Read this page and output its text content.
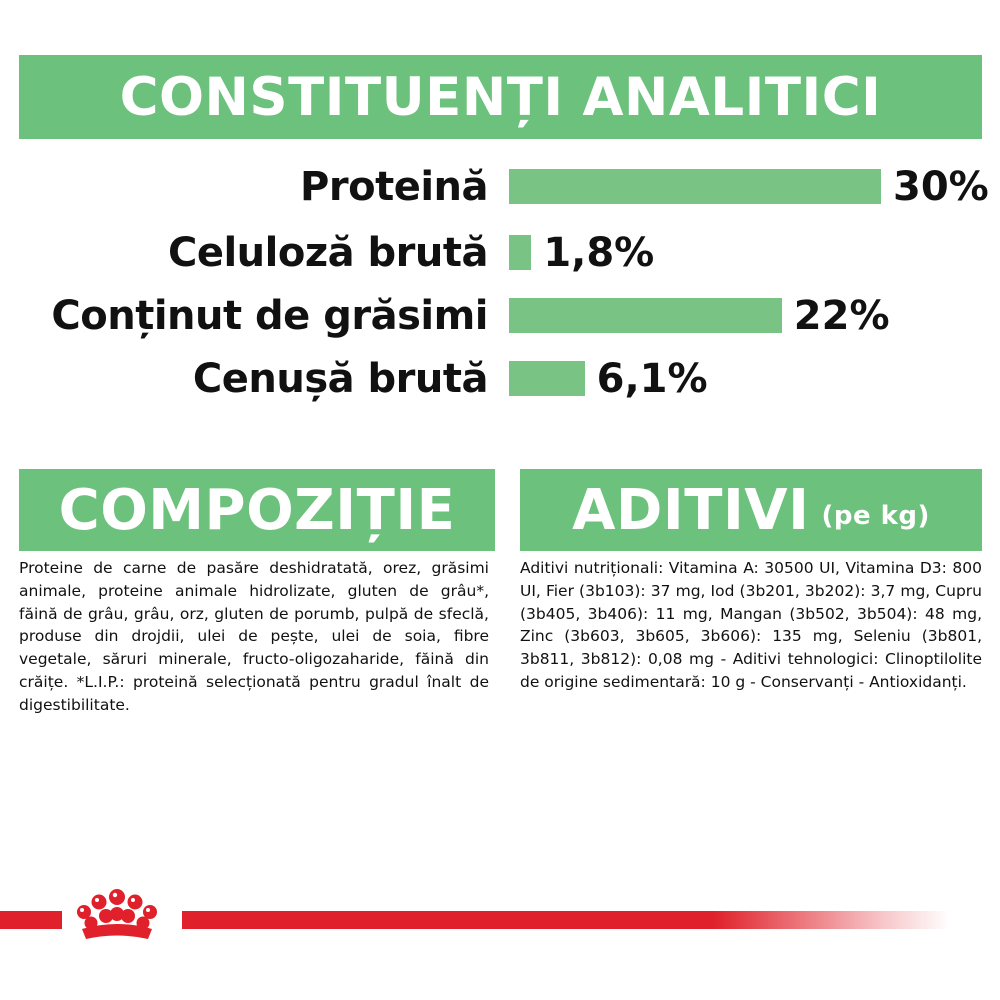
CONSTITUENȚI ANALITICI
Proteină	30%
Celuloză brută 1,8%
Conținut de grăsimi	22%
Cenușă brută	6,1%
COMPOZIȚIE

Proteine de carne de pasăre deshidratată, orez, grăsimi animale, proteine animale hidrolizate, gluten de grâu*, făină de grâu, grâu, orz, gluten de porumb, pulpă de sfeclă, produse din drojdii, ulei de pește, ulei de soia, fibre vegetale, săruri minerale, fructo-oligozaharide, făină din crăițe. *L.I.P.: proteină selecționată pentru gradul înalt de digestibilitate.

ADITIVI (pe kg)

Aditivi nutriționali: Vitamina A: 30500 UI, Vitamina D3: 800 UI, Fier (3b103): 37 mg, Iod (3b201, 3b202): 3,7 mg, Cupru (3b405, 3b406): 11 mg, Mangan (3b502, 3b504): 48 mg, Zinc (3b603, 3b605, 3b606): 135 mg, Seleniu (3b801, 3b811, 3b812): 0,08 mg - Aditivi tehnologici: Clinoptilolite de origine sedimentară: 10 g - Conservanți - Antioxidanți.
